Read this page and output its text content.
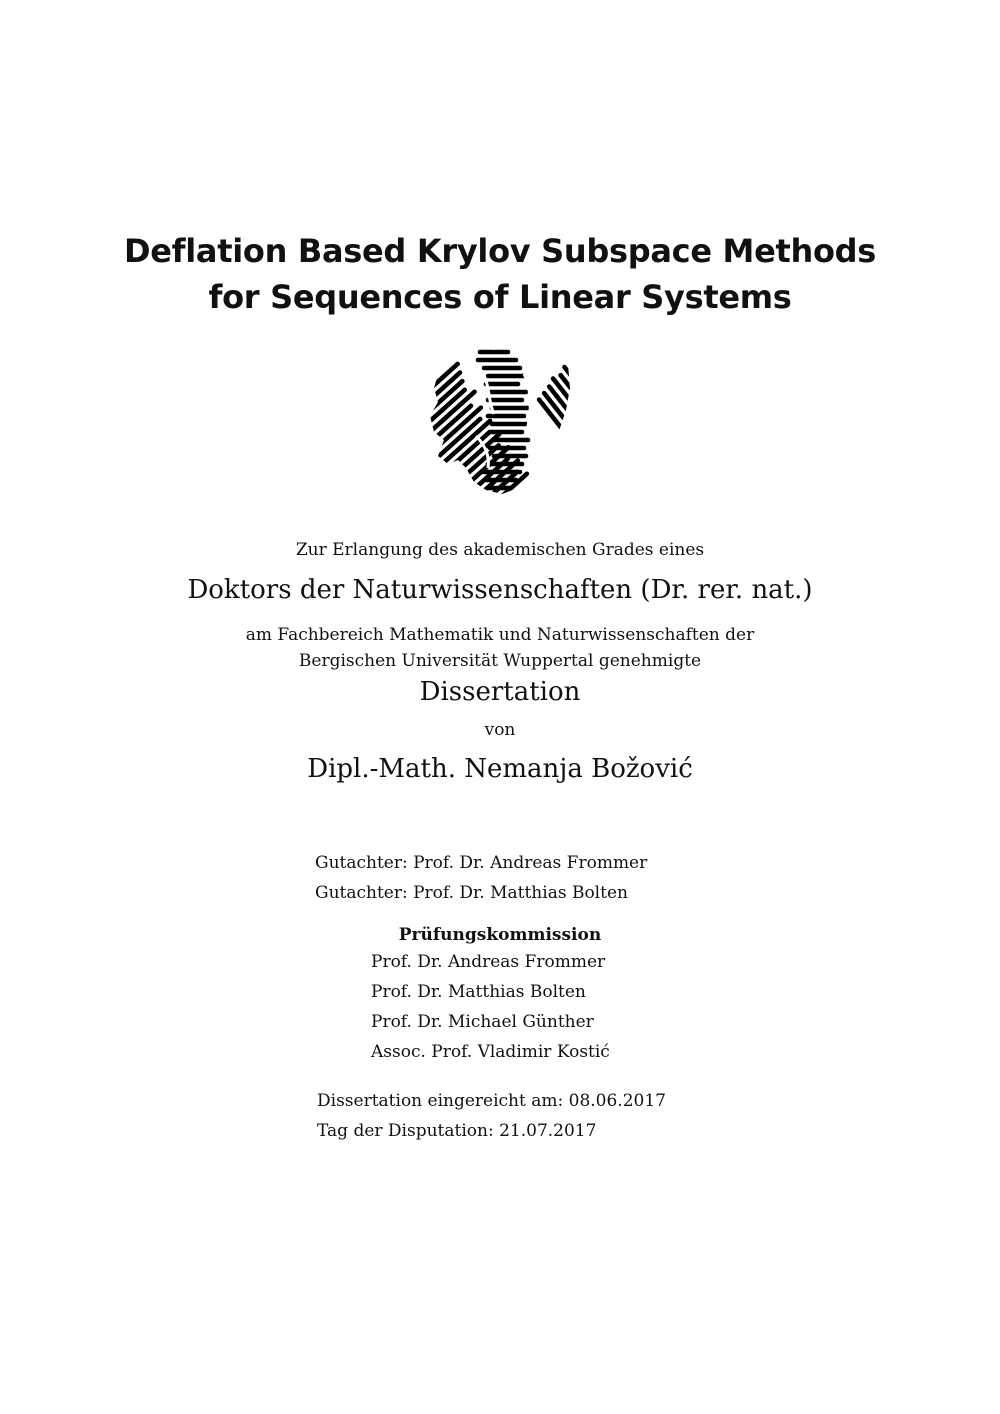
Deflation Based Krylov Subspace Methods
for Sequences of Linear Systems
Zur Erlangung des akademischen Grades eines
Doktors der Naturwissenschaften (Dr. rer. nat.)
am Fachbereich Mathematik und Naturwissenschaften der
Bergischen Universität Wuppertal genehmigte
Dissertation
von
Dipl.-Math. Nemanja Božović
Gutachter: Prof. Dr. Andreas Frommer
Gutachter: Prof. Dr. Matthias Bolten
Prüfungskommission
Prof. Dr. Andreas Frommer
Prof. Dr. Matthias Bolten
Prof. Dr. Michael Günther
Assoc. Prof. Vladimir Kostić
Dissertation eingereicht am: 08.06.2017
Tag der Disputation: 21.07.2017
